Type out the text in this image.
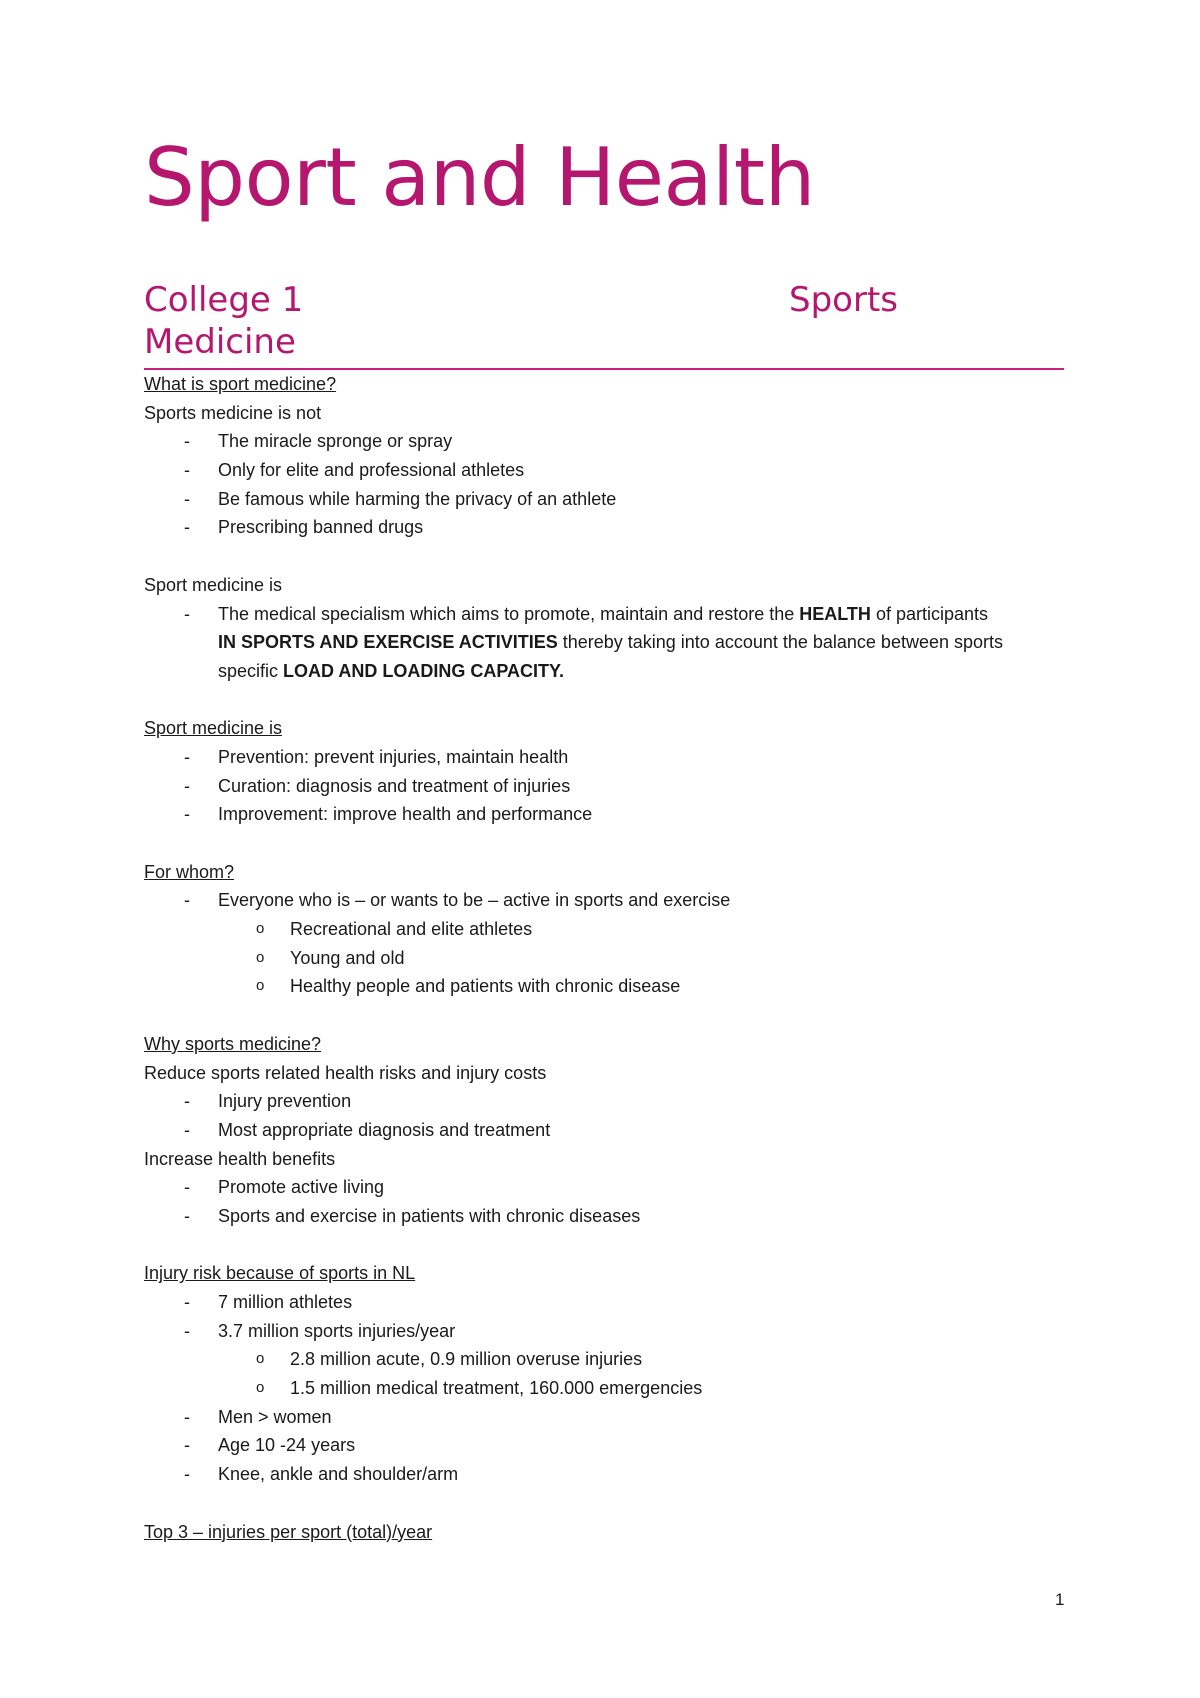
Sport and Health
College 1	Sports
Medicine
What is sport medicine?
Sports medicine is not
- The miracle spronge or spray
- Only for elite and professional athletes
- Be famous while harming the privacy of an athlete
- Prescribing banned drugs
Sport medicine is
- The medical specialism which aims to promote, maintain and restore the HEALTH of participants
IN SPORTS AND EXERCISE ACTIVITIES thereby taking into account the balance between sports
specific LOAD AND LOADING CAPACITY.
Sport medicine is
- Prevention: prevent injuries, maintain health
- Curation: diagnosis and treatment of injuries
- Improvement: improve health and performance
For whom?
- Everyone who is – or wants to be – active in sports and exercise
o Recreational and elite athletes
o Young and old
o Healthy people and patients with chronic disease
Why sports medicine?
Reduce sports related health risks and injury costs
- Injury prevention
- Most appropriate diagnosis and treatment
Increase health benefits
- Promote active living
- Sports and exercise in patients with chronic diseases
Injury risk because of sports in NL
- 7 million athletes
- 3.7 million sports injuries/year
o 2.8 million acute, 0.9 million overuse injuries
o 1.5 million medical treatment, 160.000 emergencies
- Men > women
- Age 10 -24 years
- Knee, ankle and shoulder/arm
Top 3 – injuries per sport (total)/year
1
